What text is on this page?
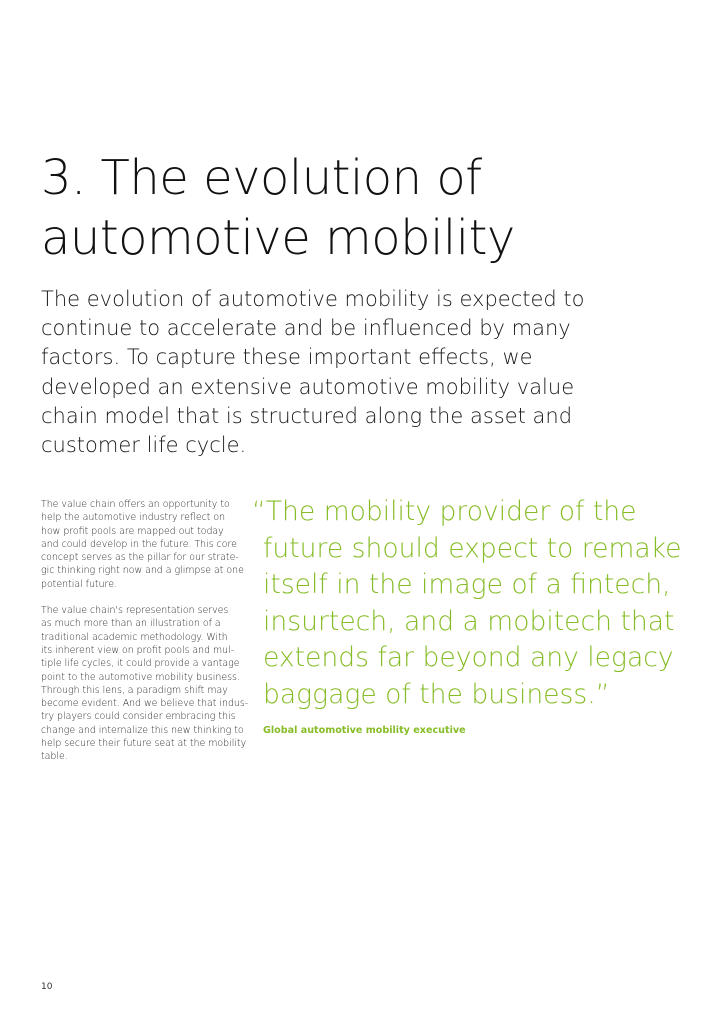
3. The evolution of
automotive mobility

The evolution of automotive mobility is expected to
continue to accelerate and be influenced by many
factors. To capture these important effects, we
developed an extensive automotive mobility value
chain model that is structured along the asset and
customer life cycle.

The value chain offers an opportunity to
help the automotive industry reflect on
how profit pools are mapped out today
and could develop in the future. This core
concept serves as the pillar for our strate-
gic thinking right now and a glimpse at one
potential future.

The value chain's representation serves
as much more than an illustration of a
traditional academic methodology. With
its inherent view on profit pools and mul-
tiple life cycles, it could provide a vantage
point to the automotive mobility business.
Through this lens, a paradigm shift may
become evident. And we believe that indus-
try players could consider embracing this
change and internalize this new thinking to
help secure their future seat at the mobility
table.

“The mobility provider of the
future should expect to remake
itself in the image of a fintech,
insurtech, and a mobitech that
extends far beyond any legacy
baggage of the business.”
Global automotive mobility executive
10
